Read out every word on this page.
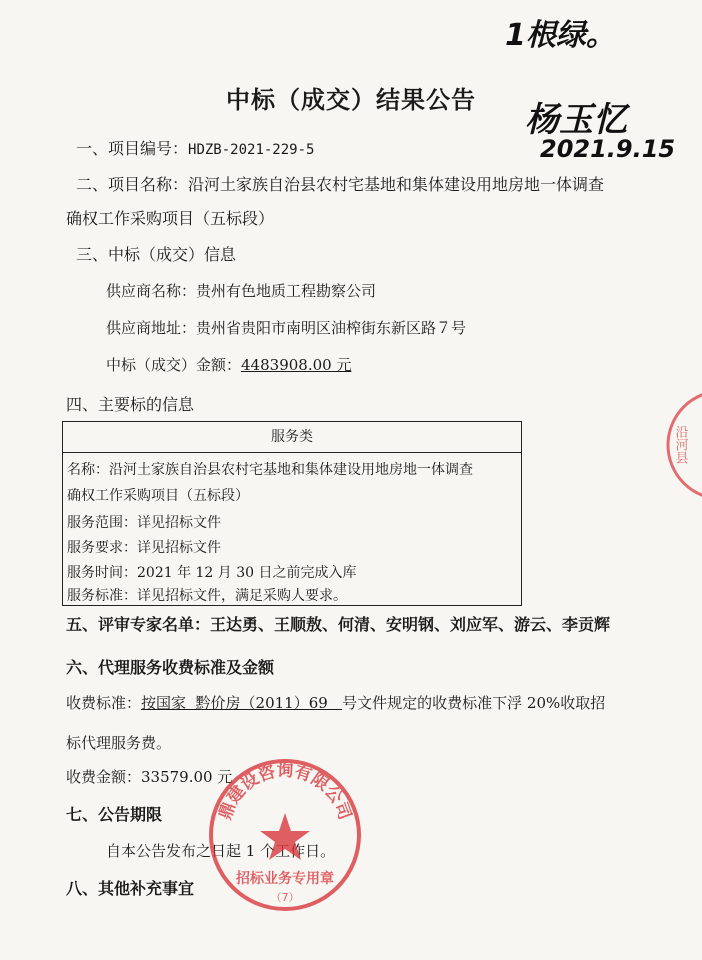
1根绿。
杨玉忆
2021.9.15
中标（成交）结果公告
一、项目编号：HDZB-2021-229-5
二、项目名称：沿河土家族自治县农村宅基地和集体建设用地房地一体调查
确权工作采购项目（五标段）
三、中标（成交）信息
供应商名称：贵州有色地质工程勘察公司
供应商地址：贵州省贵阳市南明区油榨街东新区路７号
中标（成交）金额：4483908.00 元
四、主要标的信息
服务类
名称：沿河土家族自治县农村宅基地和集体建设用地房地一体调查
确权工作采购项目（五标段）
服务范围：详见招标文件
服务要求：详见招标文件
服务时间：2021 年 12 月 30 日之前完成入库
服务标准：详见招标文件，满足采购人要求。
五、评审专家名单：王达勇、王顺敖、何清、安明钢、刘应军、游云、李贡辉
六、代理服务收费标准及金额
收费标准：按国家  黔价房（2011）69   号文件规定的收费标准下浮 20%收取招
标代理服务费。
收费金额：33579.00 元
七、公告期限
自本公告发布之日起 1 个工作日。
八、其他补充事宜
鼎建设咨询有限公司
招标业务专用章
（7）
沿河县
